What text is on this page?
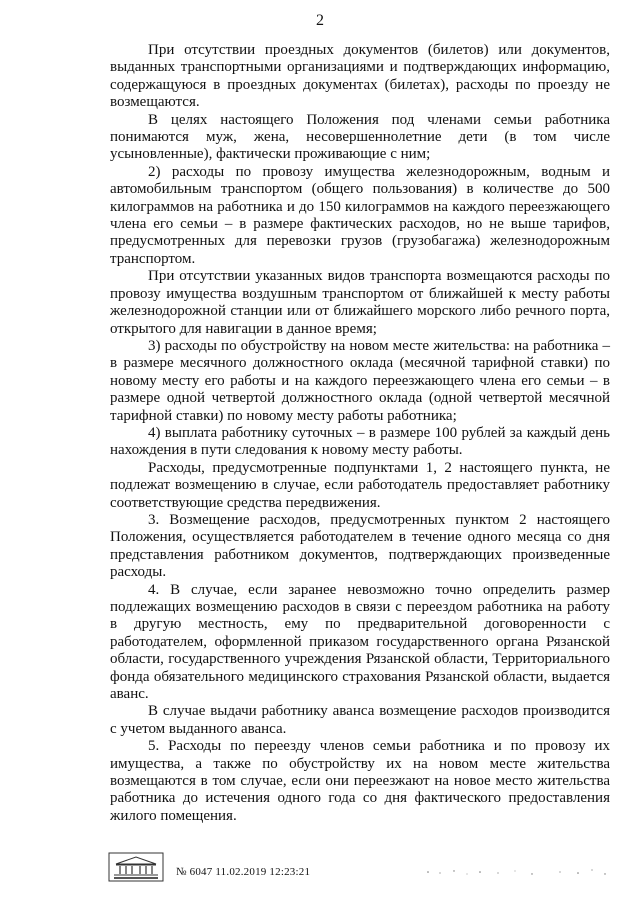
2

При отсутствии проездных документов (билетов) или документов, выданных транспортными организациями и подтверждающих информацию, содержащуюся в проездных документах (билетах), расходы по проезду не возмещаются.

В целях настоящего Положения под членами семьи работника понимаются муж, жена, несовершеннолетние дети (в том числе усыновленные), фактически проживающие с ним;

2) расходы по провозу имущества железнодорожным, водным и автомобильным транспортом (общего пользования) в количестве до 500 килограммов на работника и до 150 килограммов на каждого переезжающего члена его семьи – в размере фактических расходов, но не выше тарифов, предусмотренных для перевозки грузов (грузобагажа) железнодорожным транспортом.

При отсутствии указанных видов транспорта возмещаются расходы по провозу имущества воздушным транспортом от ближайшей к месту работы железнодорожной станции или от ближайшего морского либо речного порта, открытого для навигации в данное время;

3) расходы по обустройству на новом месте жительства: на работника – в размере месячного должностного оклада (месячной тарифной ставки) по новому месту его работы и на каждого переезжающего члена его семьи – в размере одной четвертой должностного оклада (одной четвертой месячной тарифной ставки) по новому месту работы работника;

4) выплата работнику суточных – в размере 100 рублей за каждый день нахождения в пути следования к новому месту работы.

Расходы, предусмотренные подпунктами 1, 2 настоящего пункта, не подлежат возмещению в случае, если работодатель предоставляет работнику соответствующие средства передвижения.

3. Возмещение расходов, предусмотренных пунктом 2 настоящего Положения, осуществляется работодателем в течение одного месяца со дня представления работником документов, подтверждающих произведенные расходы.

4. В случае, если заранее невозможно точно определить размер подлежащих возмещению расходов в связи с переездом работника на работу в другую местность, ему по предварительной договоренности с работодателем, оформленной приказом государственного органа Рязанской области, государственного учреждения Рязанской области, Территориального фонда обязательного медицинского страхования Рязанской области, выдается аванс.

В случае выдачи работнику аванса возмещение расходов производится с учетом выданного аванса.

5. Расходы по переезду членов семьи работника и по провозу их имущества, а также по обустройству их на новом месте жительства возмещаются в том случае, если они переезжают на новое место жительства работника до истечения одного года со дня фактического предоставления жилого помещения.

№ 6047 11.02.2019 12:23:21
